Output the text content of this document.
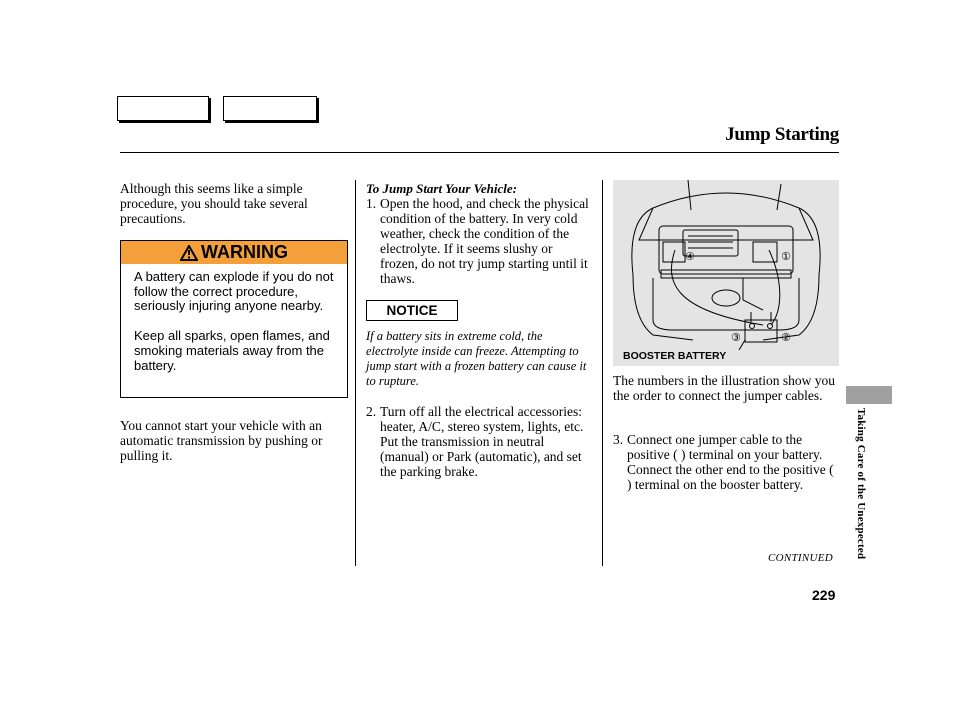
Jump Starting
Although this seems like a simple procedure, you should take several precautions.
WARNING

A battery can explode if you do not follow the correct procedure, seriously injuring anyone nearby.

Keep all sparks, open flames, and smoking materials away from the battery.

You cannot start your vehicle with an automatic transmission by pushing or pulling it.
To Jump Start Your Vehicle:
1. Open the hood, and check the physical condition of the battery. In very cold weather, check the condition of the electrolyte. If it seems slushy or frozen, do not try jump starting until it thaws.
NOTICE
If a battery sits in extreme cold, the electrolyte inside can freeze. Attempting to jump start with a frozen battery can cause it to rupture.
2. Turn off all the electrical accessories: heater, A/C, stereo system, lights, etc. Put the transmission in neutral (manual) or Park (automatic), and set the parking brake.
④	①
③	②
BOOSTER BATTERY
The numbers in the illustration show you the order to connect the jumper cables.
3. Connect one jumper cable to the positive ( ) terminal on your battery. Connect the other end to the positive ( ) terminal on the booster battery.
CONTINUED Taking Care of the Unexpected
229
